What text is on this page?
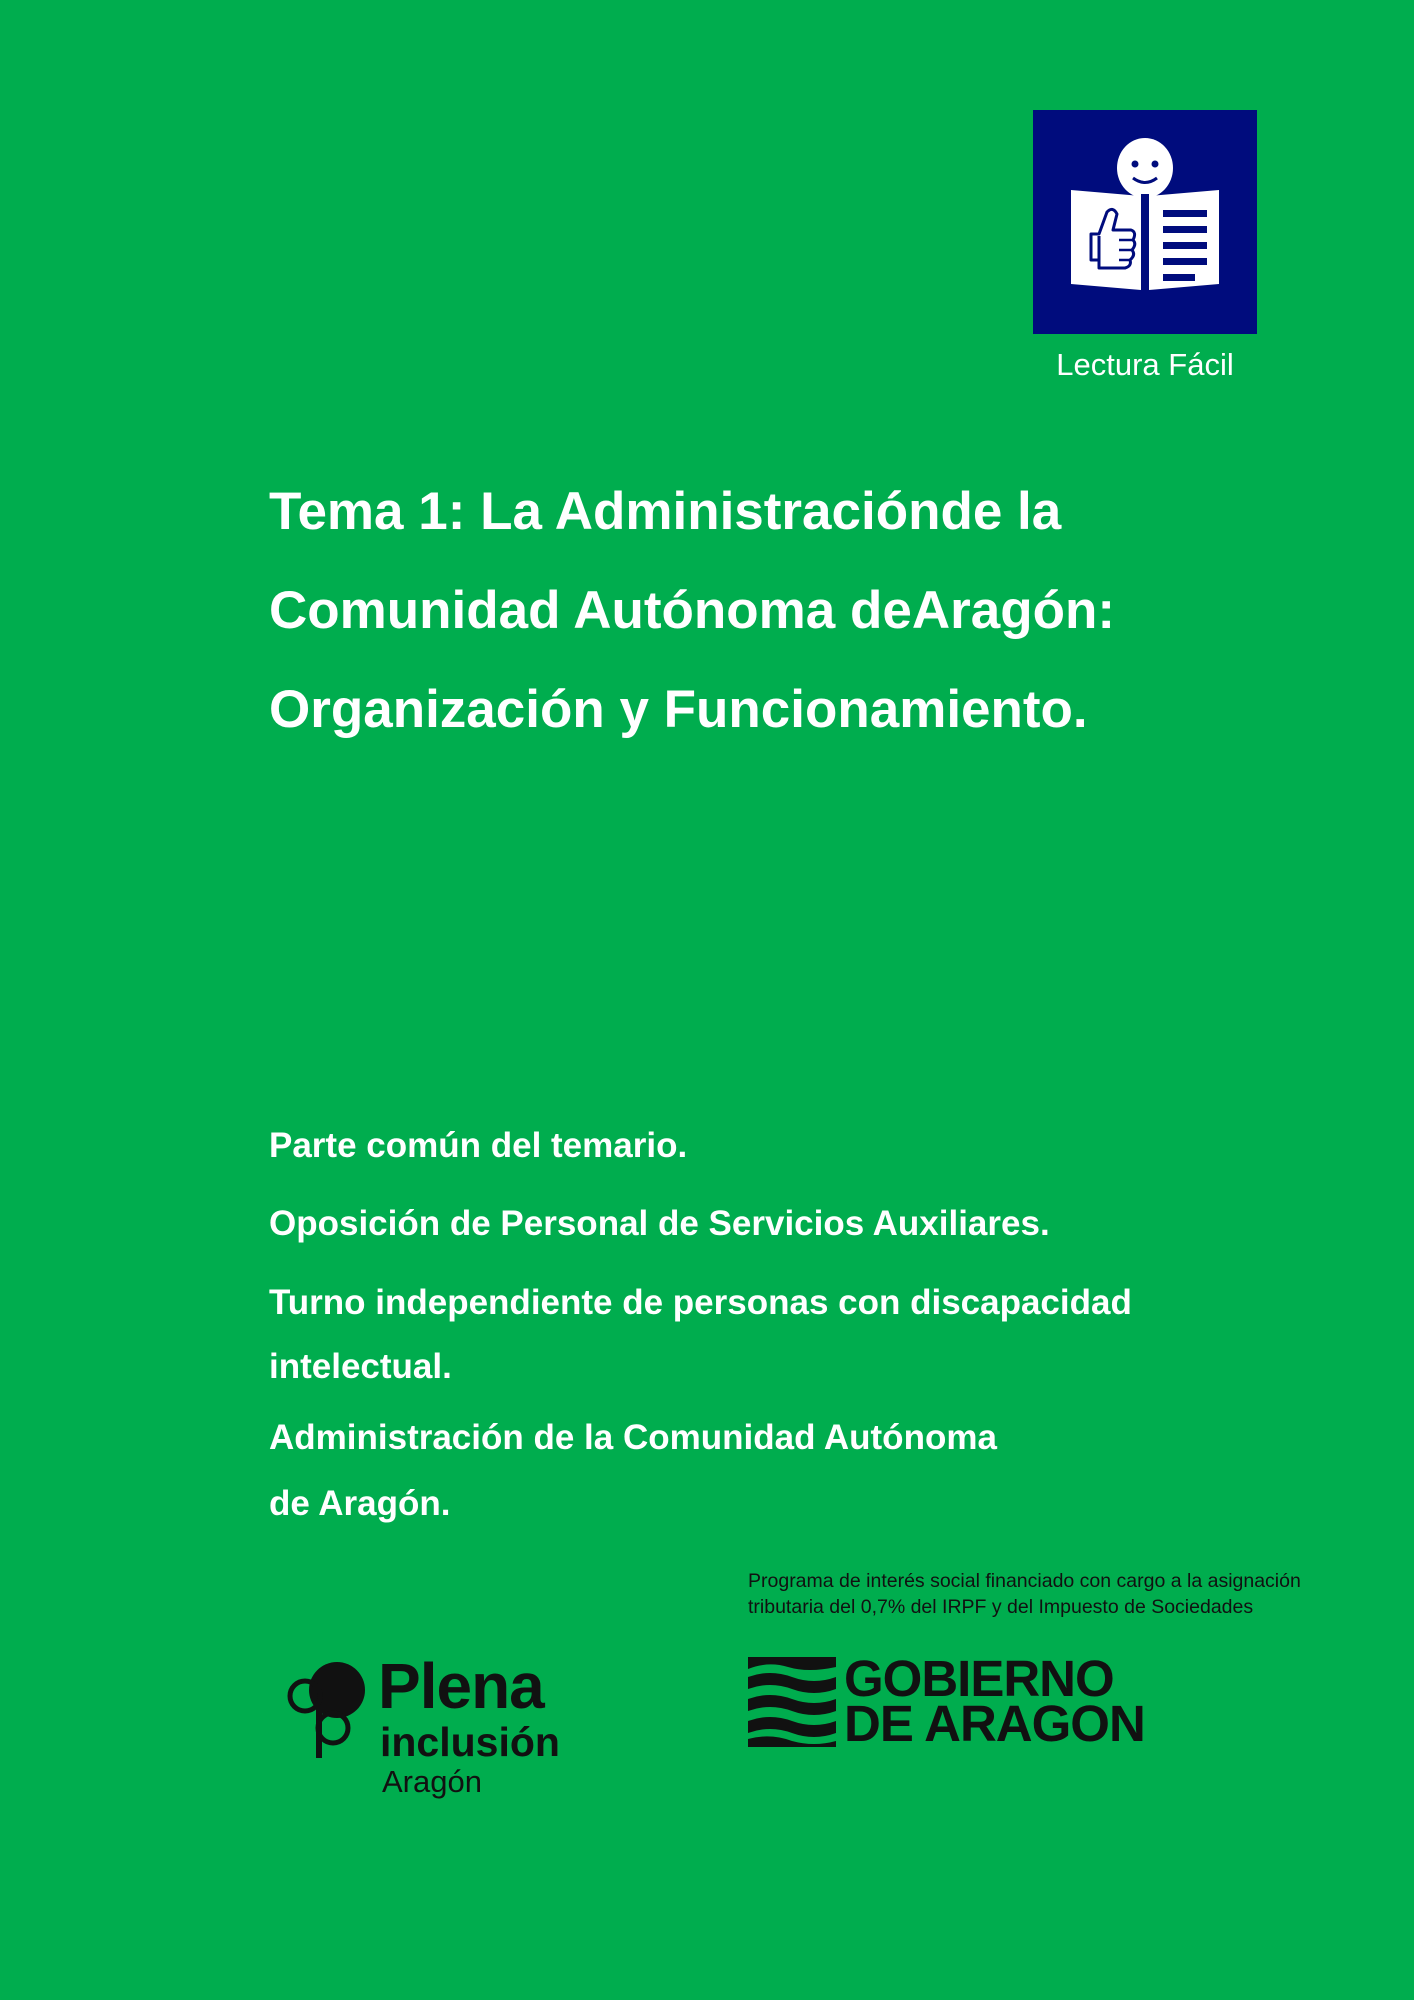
Lectura Fácil
Tema 1: La Administraciónde la
Comunidad Autónoma deAragón:
Organización y Funcionamiento.
Parte común del temario.
Oposición de Personal de Servicios Auxiliares.
Turno independiente de personas con discapacidad
intelectual.
Administración de la Comunidad Autónoma
de Aragón.
Plena
inclusión
Aragón
Programa de interés social financiado con cargo a la asignación tributaria del 0,7% del IRPF y del Impuesto de Sociedades
GOBIERNO
DE ARAGON
